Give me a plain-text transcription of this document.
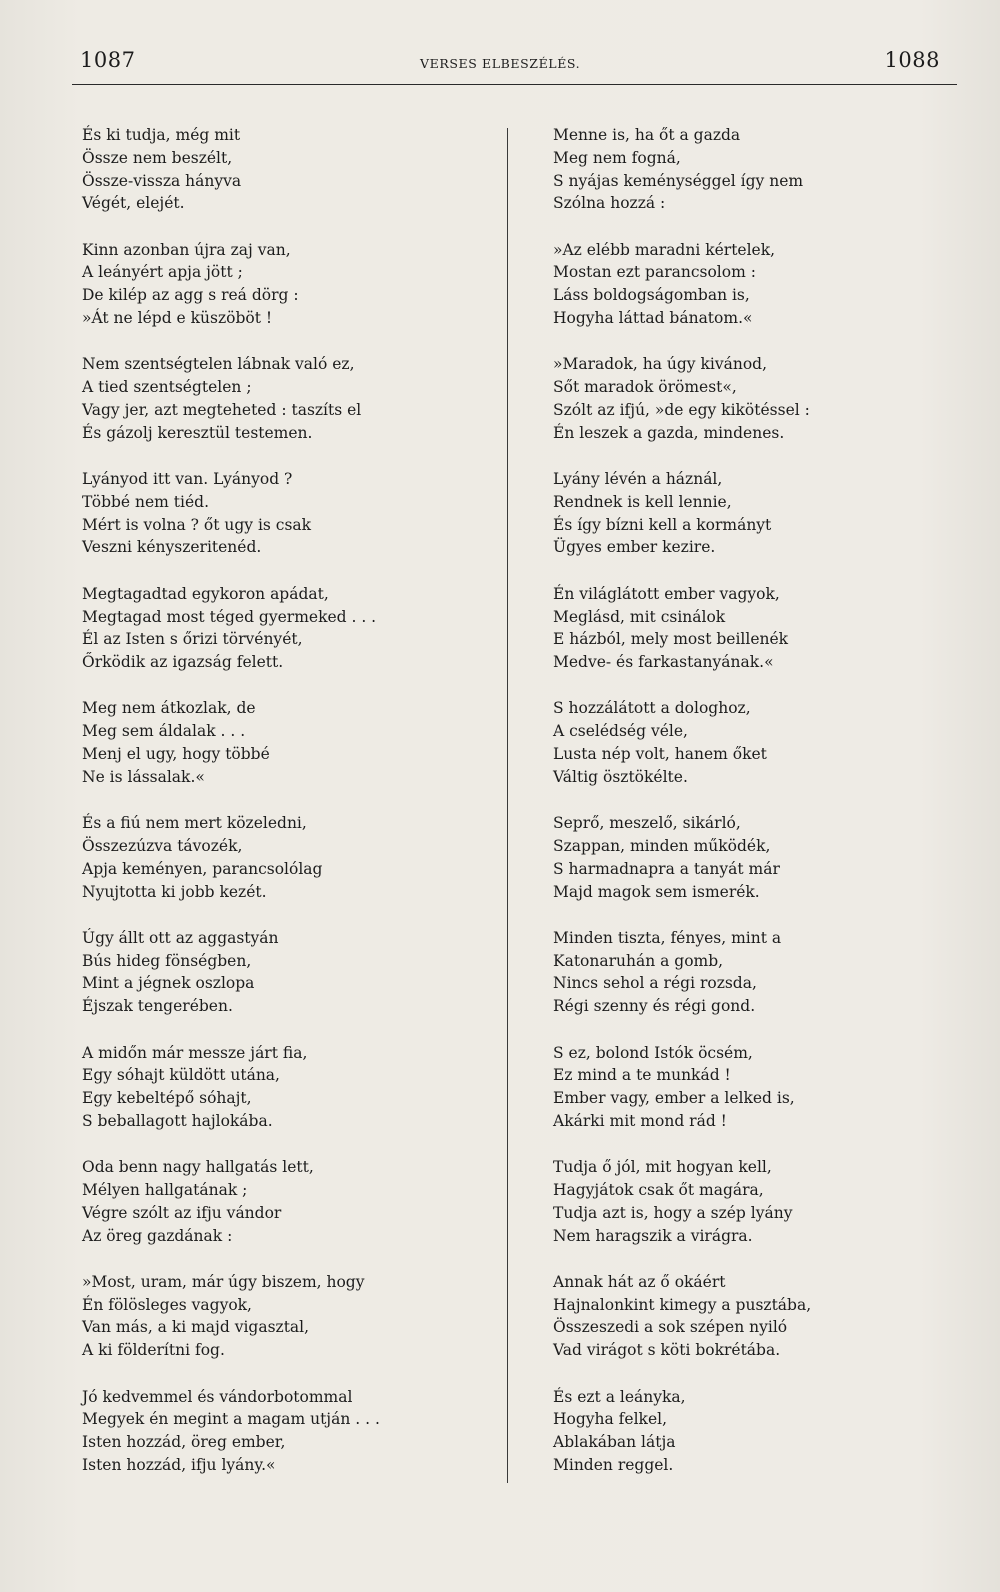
1087	VERSES ELBESZÉLÉS.	1088
És ki tudja, még mit
Össze nem beszélt,
Össze-vissza hányva
Végét, elejét.
Kinn azonban újra zaj van,
A leányért apja jött ;
De kilép az agg s reá dörg :
»Át ne lépd e küszöböt !
Nem szentségtelen lábnak való ez,
A tied szentségtelen ;
Vagy jer, azt megteheted : taszíts el
És gázolj keresztül testemen.
Lyányod itt van. Lyányod ?
Többé nem tiéd.
Mért is volna ? őt ugy is csak
Veszni kényszeritenéd.
Megtagadtad egykoron apádat,
Megtagad most téged gyermeked . . .
Él az Isten s őrizi törvényét,
Őrködik az igazság felett.
Meg nem átkozlak, de
Meg sem áldalak . . .
Menj el ugy, hogy többé
Ne is lássalak.«
És a fiú nem mert közeledni,
Összezúzva távozék,
Apja keményen, parancsolólag
Nyujtotta ki jobb kezét.
Úgy állt ott az aggastyán
Bús hideg fönségben,
Mint a jégnek oszlopa
Éjszak tengerében.
A midőn már messze járt fia,
Egy sóhajt küldött utána,
Egy kebeltépő sóhajt,
S beballagott hajlokába.
Oda benn nagy hallgatás lett,
Mélyen hallgatának ;
Végre szólt az ifju vándor
Az öreg gazdának :
»Most, uram, már úgy biszem, hogy
Én fölösleges vagyok,
Van más, a ki majd vigasztal,
A ki földerítni fog.
Jó kedvemmel és vándorbotommal
Megyek én megint a magam utján . . .
Isten hozzád, öreg ember,
Isten hozzád, ifju lyány.«
Menne is, ha őt a gazda
Meg nem fogná,
S nyájas keménységgel így nem
Szólna hozzá :
»Az elébb maradni kértelek,
Mostan ezt parancsolom :
Láss boldogságomban is,
Hogyha láttad bánatom.«
»Maradok, ha úgy kivánod,
Sőt maradok örömest«,
Szólt az ifjú, »de egy kikötéssel :
Én leszek a gazda, mindenes.
Lyány lévén a háznál,
Rendnek is kell lennie,
És így bízni kell a kormányt
Ügyes ember kezire.
Én világlátott ember vagyok,
Meglásd, mit csinálok
E házból, mely most beillenék
Medve- és farkastanyának.«
S hozzálátott a dologhoz,
A cselédség véle,
Lusta nép volt, hanem őket
Váltig ösztökélte.
Seprő, meszelő, sikárló,
Szappan, minden működék,
S harmadnapra a tanyát már
Majd magok sem ismerék.
Minden tiszta, fényes, mint a
Katonaruhán a gomb,
Nincs sehol a régi rozsda,
Régi szenny és régi gond.
S ez, bolond Istók öcsém,
Ez mind a te munkád !
Ember vagy, ember a lelked is,
Akárki mit mond rád !
Tudja ő jól, mit hogyan kell,
Hagyjátok csak őt magára,
Tudja azt is, hogy a szép lyány
Nem haragszik a virágra.
Annak hát az ő okáért
Hajnalonkint kimegy a pusztába,
Összeszedi a sok szépen nyiló
Vad virágot s köti bokrétába.
És ezt a leányka,
Hogyha felkel,
Ablakában látja
Minden reggel.
